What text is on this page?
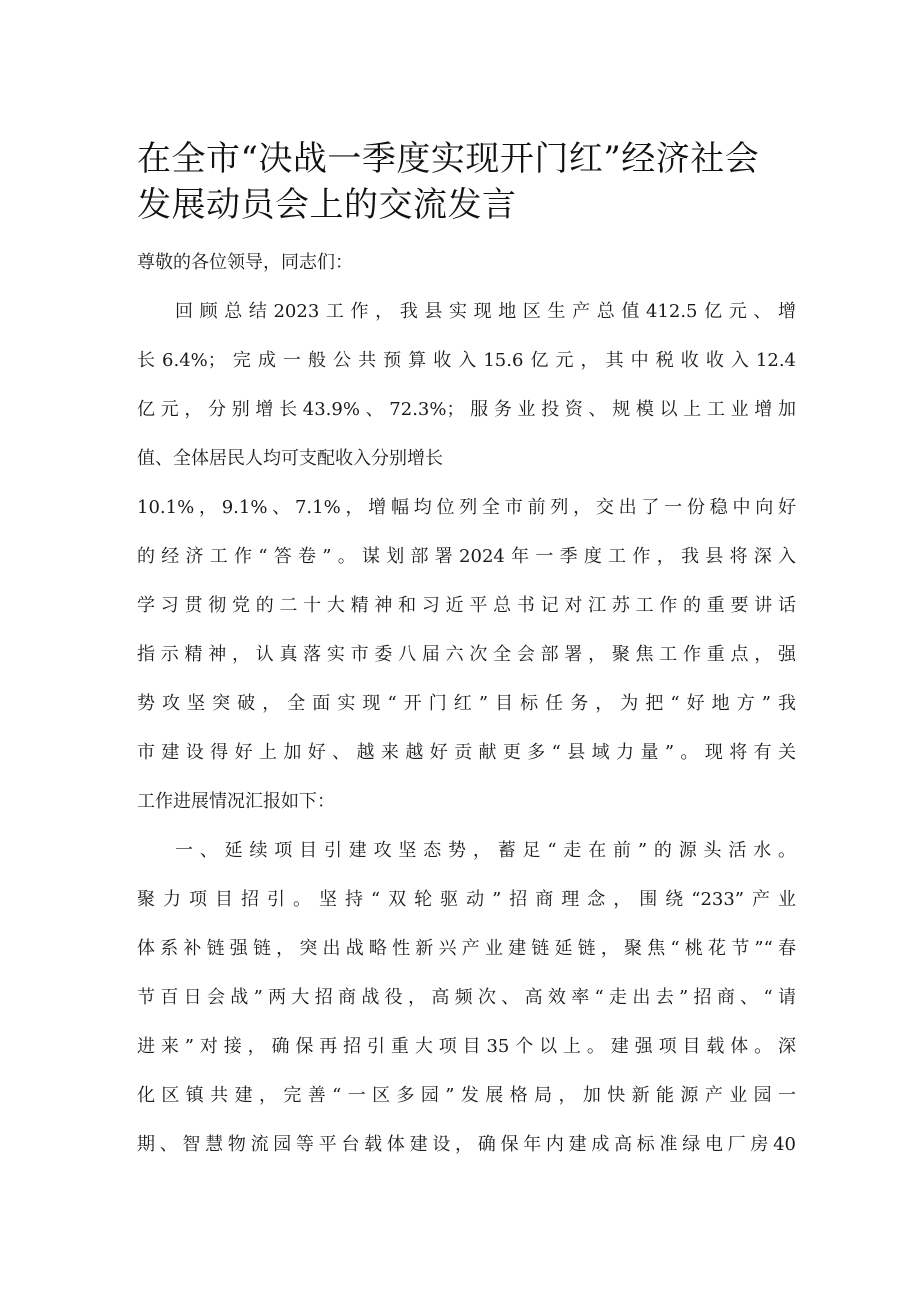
在全市“决战一季度实现开门红”经济社会
发展动员会上的交流发言
尊敬的各位领导，同志们：
回顾总结2023工作，我县实现地区生产总值412.5亿元、增
长6.4%；完成一般公共预算收入15.6亿元，其中税收收入12.4
亿元，分别增长43.9%、72.3%；服务业投资、规模以上工业增加
值、全体居民人均可支配收入分别增长
10.1%，9.1%、7.1%，增幅均位列全市前列，交出了一份稳中向好
的经济工作“答卷”。谋划部署2024年一季度工作，我县将深入
学习贯彻党的二十大精神和习近平总书记对江苏工作的重要讲话
指示精神，认真落实市委八届六次全会部署，聚焦工作重点，强
势攻坚突破，全面实现“开门红”目标任务，为把“好地方”我
市建设得好上加好、越来越好贡献更多“县域力量”。现将有关
工作进展情况汇报如下：
一、延续项目引建攻坚态势，蓄足“走在前”的源头活水。
聚力项目招引。坚持“双轮驱动”招商理念，围绕“233”产业
体系补链强链，突出战略性新兴产业建链延链，聚焦“桃花节”“春
节百日会战”两大招商战役，高频次、高效率“走出去”招商、“请
进来”对接，确保再招引重大项目35个以上。建强项目载体。深
化区镇共建，完善“一区多园”发展格局，加快新能源产业园一
期、智慧物流园等平台载体建设，确保年内建成高标准绿电厂房40
